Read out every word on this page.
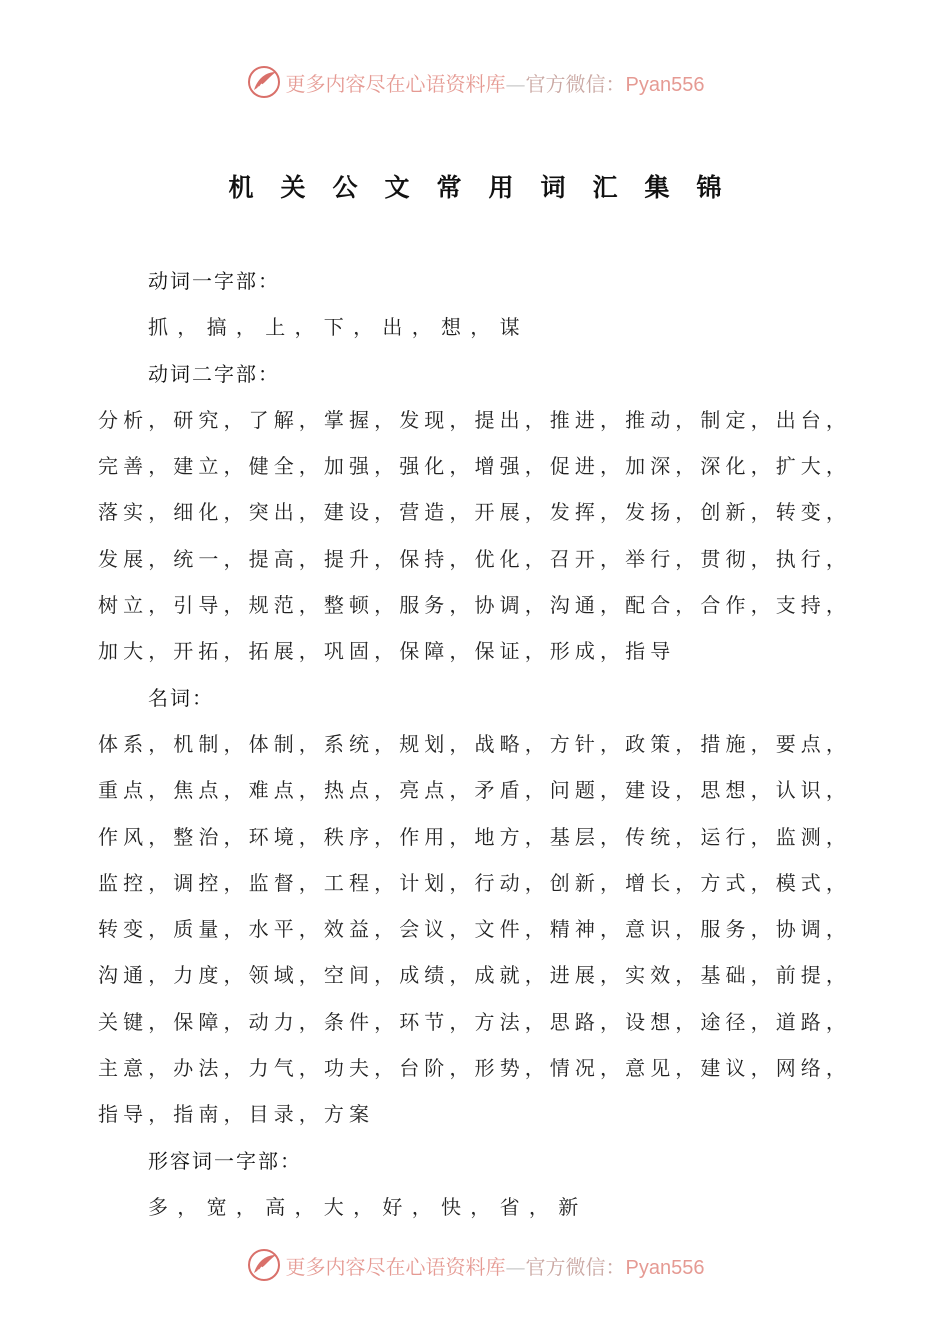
更多内容尽在心语资料库—官方微信：Pyan556
机关公文常用词汇集锦
动词一字部：
抓，搞，上，下，出，想，谋
动词二字部：
分析，研究，了解，掌握，发现，提出，推进，推动，制定，出台，
完善，建立，健全，加强，强化，增强，促进，加深，深化，扩大，
落实，细化，突出，建设，营造，开展，发挥，发扬，创新，转变，
发展，统一，提高，提升，保持，优化，召开，举行，贯彻，执行，
树立，引导，规范，整顿，服务，协调，沟通，配合，合作，支持，
加大，开拓，拓展，巩固，保障，保证，形成，指导
名词：
体系，机制，体制，系统，规划，战略，方针，政策，措施，要点，
重点，焦点，难点，热点，亮点，矛盾，问题，建设，思想，认识，
作风，整治，环境，秩序，作用，地方，基层，传统，运行，监测，
监控，调控，监督，工程，计划，行动，创新，增长，方式，模式，
转变，质量，水平，效益，会议，文件，精神，意识，服务，协调，
沟通，力度，领域，空间，成绩，成就，进展，实效，基础，前提，
关键，保障，动力，条件，环节，方法，思路，设想，途径，道路，
主意，办法，力气，功夫，台阶，形势，情况，意见，建议，网络，
指导，指南，目录，方案
形容词一字部：
多，宽，高，大，好，快，省，新
更多内容尽在心语资料库—官方微信：Pyan556
